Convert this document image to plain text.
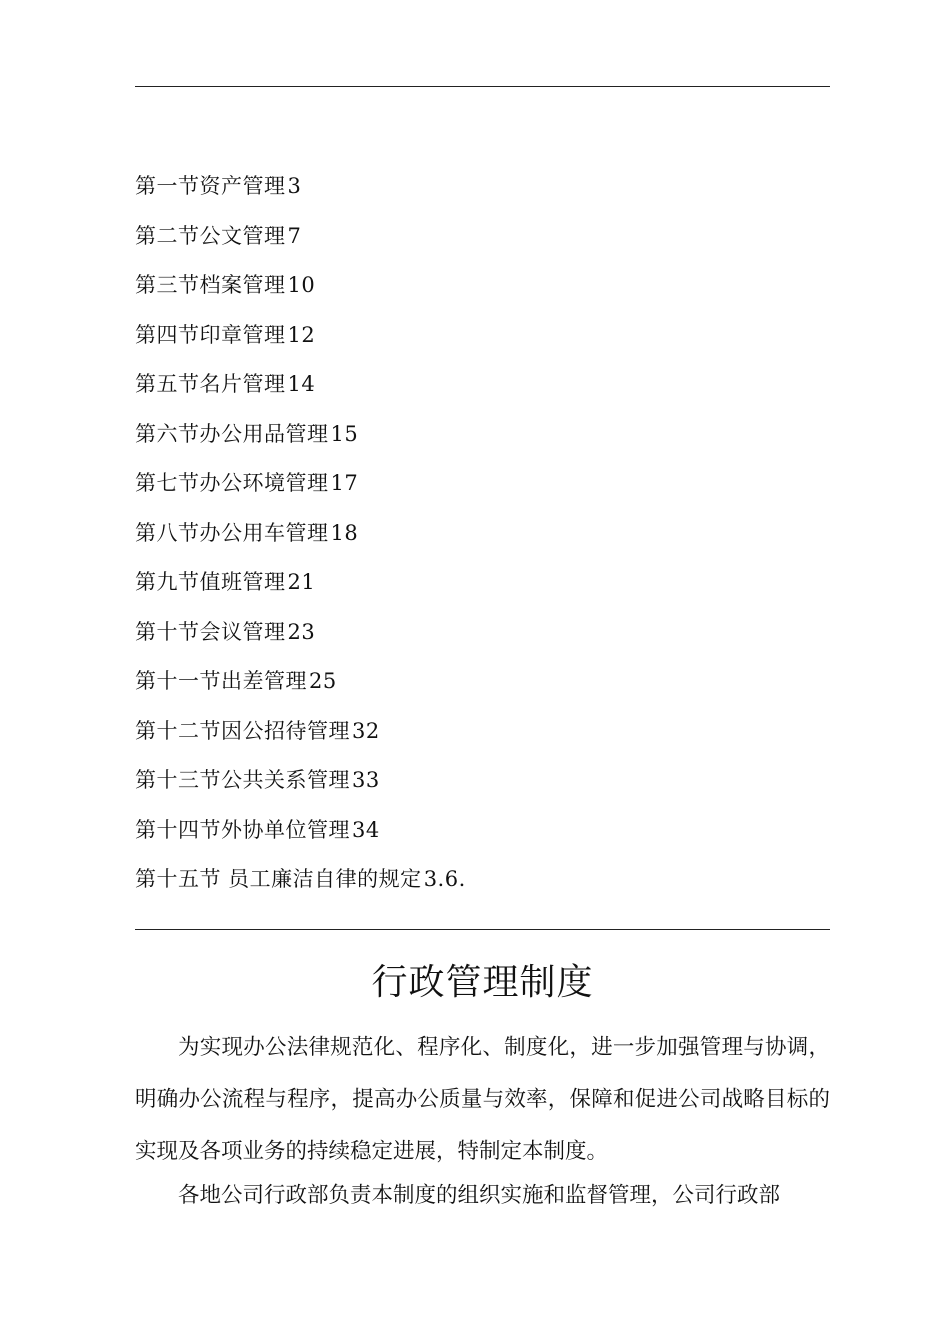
第一节资产管理3
第二节公文管理7
第三节档案管理10
第四节印章管理12
第五节名片管理14
第六节办公用品管理15
第七节办公环境管理17
第八节办公用车管理18
第九节值班管理21
第十节会议管理23
第十一节出差管理25
第十二节因公招待管理32
第十三节公共关系管理33
第十四节外协单位管理34
第十五节 员工廉洁自律的规定3.6.
行政管理制度

为实现办公法律规范化、程序化、制度化，进一步加强管理与协调，明确办公流程与程序，提高办公质量与效率，保障和促进公司战略目标的实现及各项业务的持续稳定进展，特制定本制度。

各地公司行政部负责本制度的组织实施和监督管理，公司行政部
